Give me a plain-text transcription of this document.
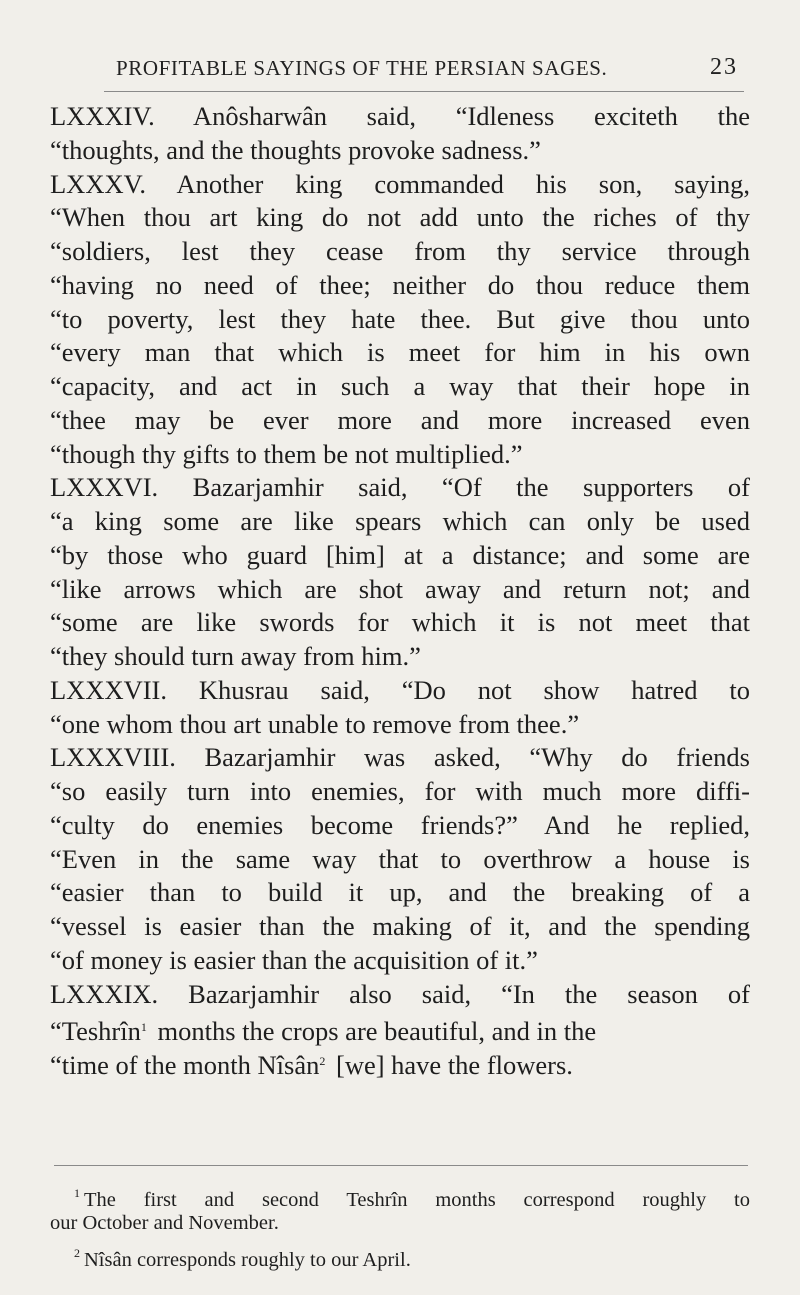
PROFITABLE SAYINGS OF THE PERSIAN SAGES.	23
LXXXIV. Anôsharwân said, “Idleness exciteth the
“thoughts, and the thoughts provoke sadness.”
LXXXV. Another king commanded his son, saying,
“When thou art king do not add unto the riches of thy
“soldiers, lest they cease from thy service through
“having no need of thee; neither do thou reduce them
“to poverty, lest they hate thee. But give thou unto
“every man that which is meet for him in his own
“capacity, and act in such a way that their hope in
“thee may be ever more and more increased even
“though thy gifts to them be not multiplied.”
LXXXVI. Bazarjamhir said, “Of the supporters of
“a king some are like spears which can only be used
“by those who guard [him] at a distance; and some are
“like arrows which are shot away and return not; and
“some are like swords for which it is not meet that
“they should turn away from him.”
LXXXVII. Khusrau said, “Do not show hatred to
“one whom thou art unable to remove from thee.”
LXXXVIII. Bazarjamhir was asked, “Why do friends
“so easily turn into enemies, for with much more diffi-
“culty do enemies become friends?” And he replied,
“Even in the same way that to overthrow a house is
“easier than to build it up, and the breaking of a
“vessel is easier than the making of it, and the spending
“of money is easier than the acquisition of it.”
LXXXIX. Bazarjamhir also said, “In the season of
“Teshrîn$^1$ months the crops are beautiful, and in the
“time of the month Nîsân$^2$ [we] have the flowers.
$^1$ The first and second Teshrîn months correspond roughly to
our October and November.
$^2$ Nîsân corresponds roughly to our April.
